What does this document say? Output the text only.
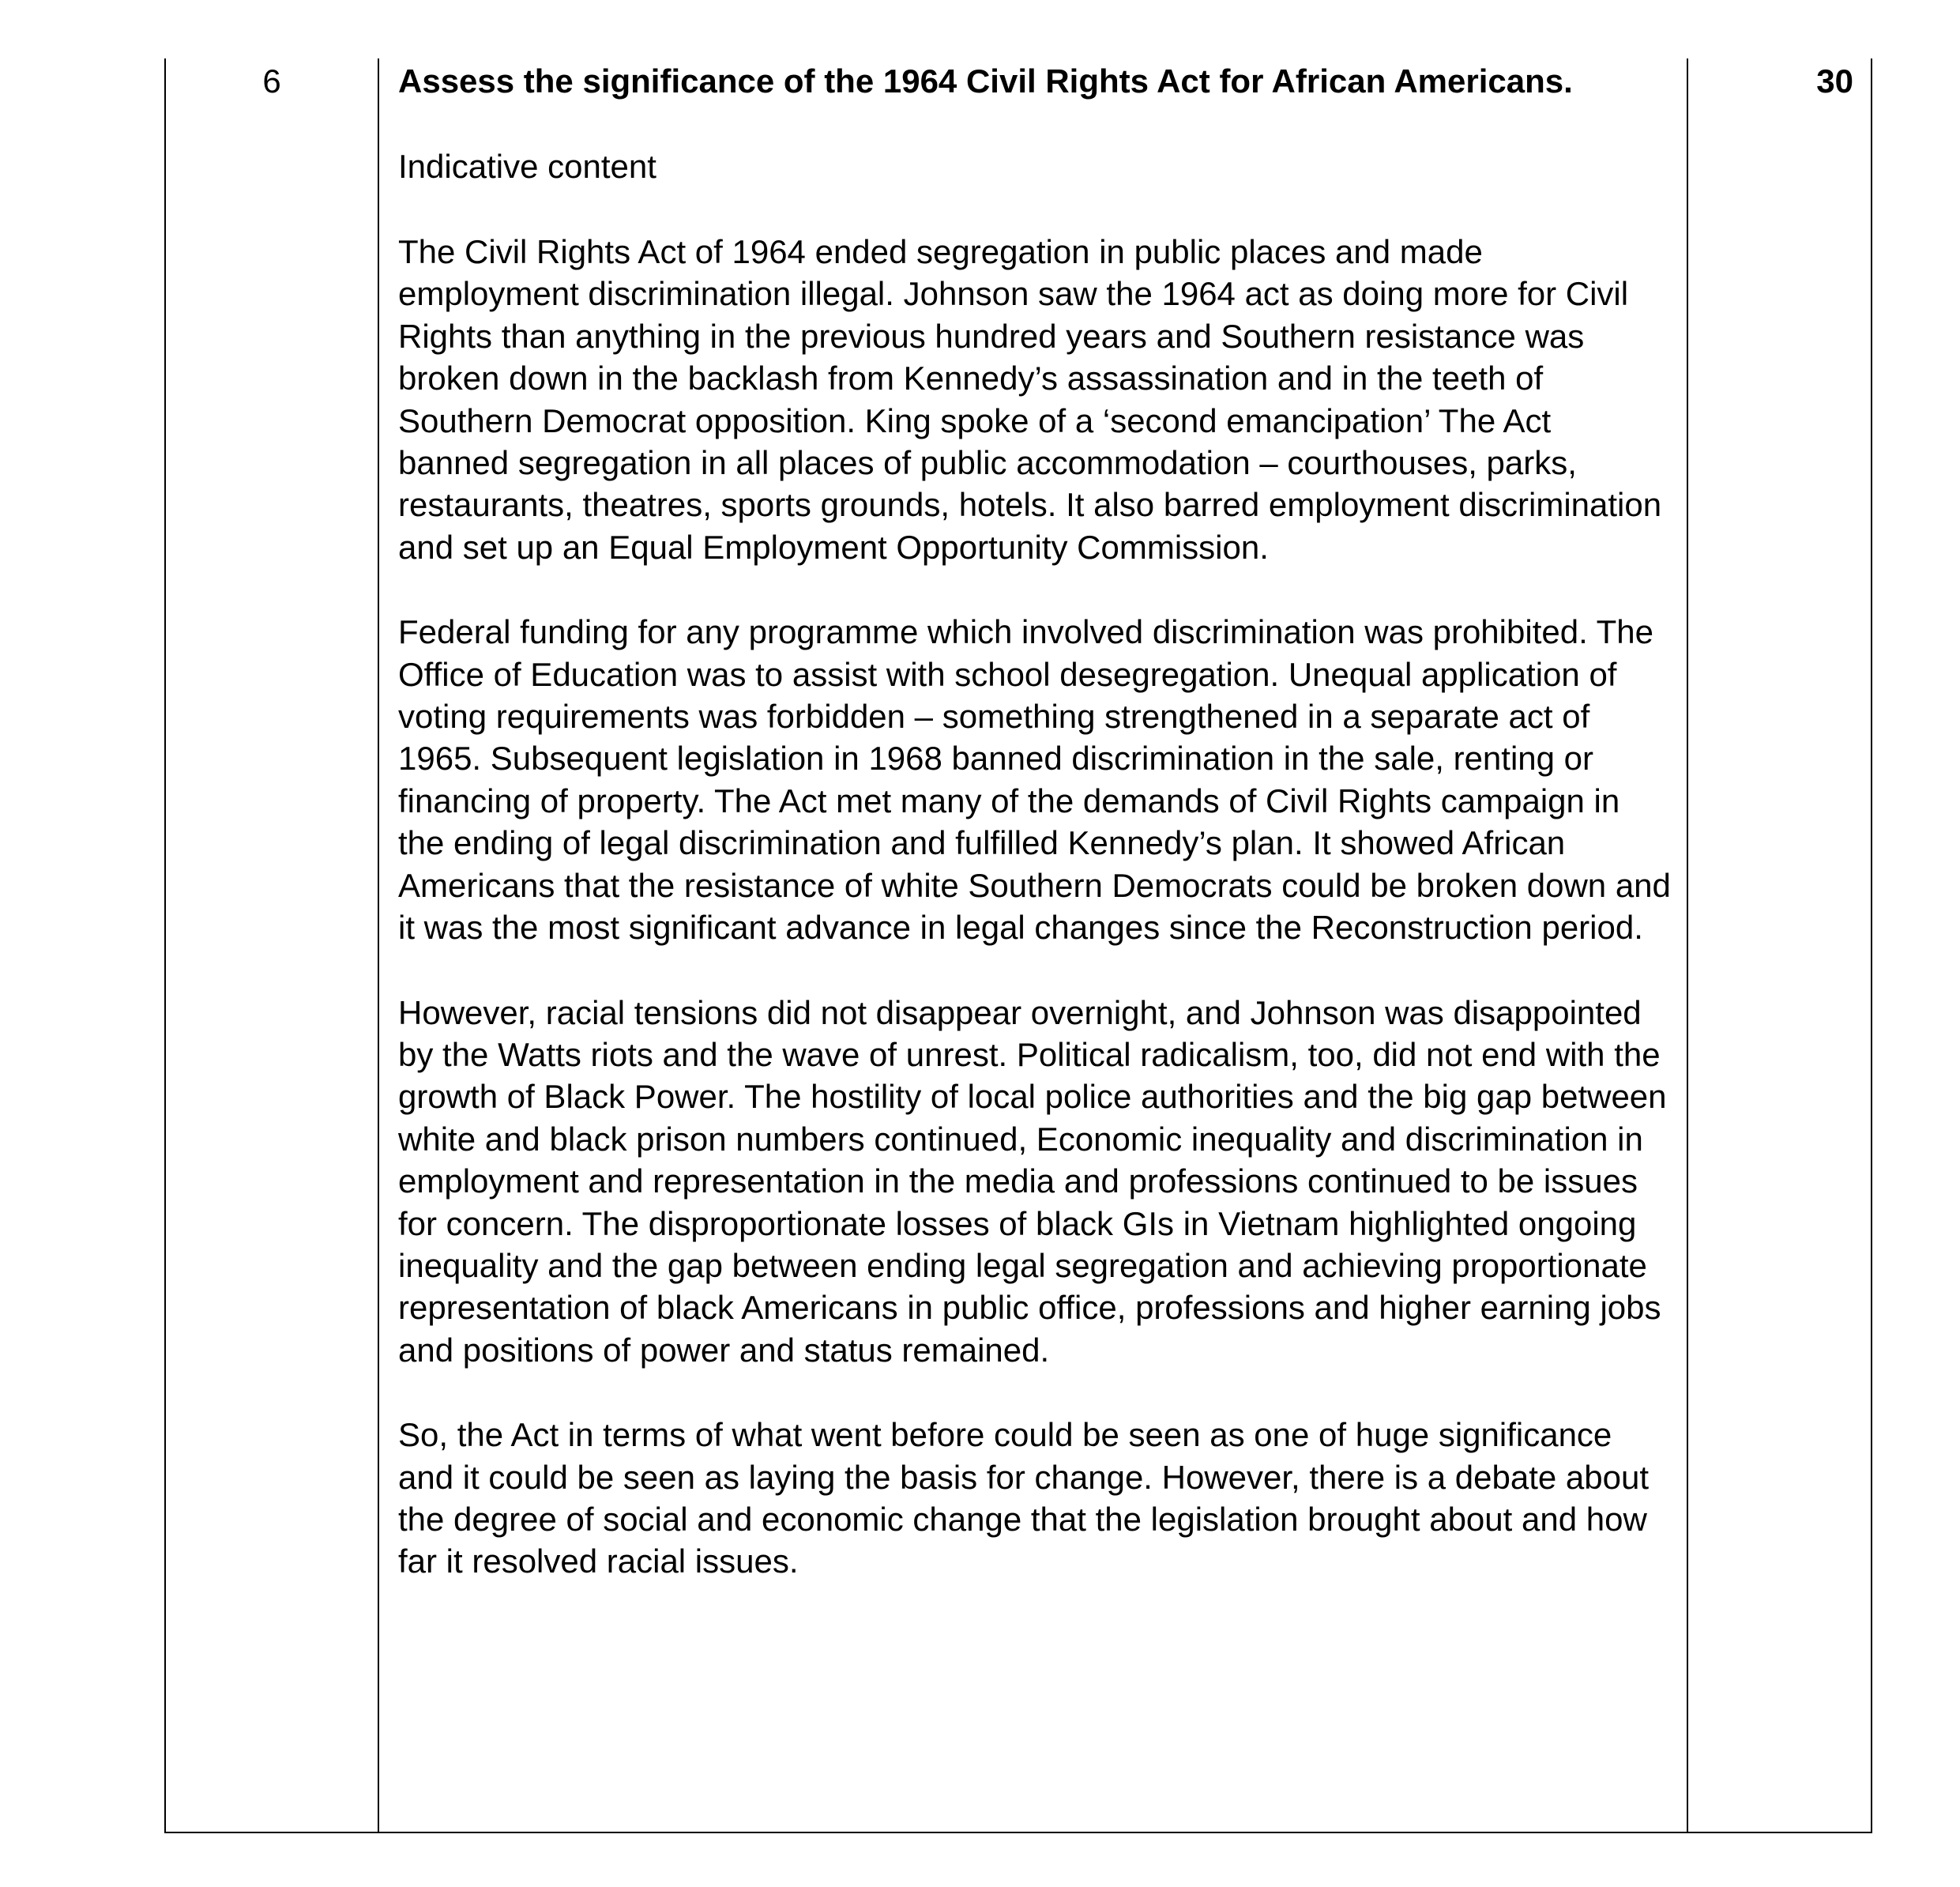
6	Assess the significance of the 1964 Civil Rights Act for African Americans.

Indicative content

The Civil Rights Act of 1964 ended segregation in public places and made employment discrimination illegal. Johnson saw the 1964 act as doing more for Civil Rights than anything in the previous hundred years and Southern resistance was broken down in the backlash from Kennedy’s assassination and in the teeth of Southern Democrat opposition. King spoke of a ‘second emancipation’ The Act banned segregation in all places of public accommodation – courthouses, parks, restaurants, theatres, sports grounds, hotels. It also barred employment discrimination and set up an Equal Employment Opportunity Commission.

Federal funding for any programme which involved discrimination was prohibited. The Office of Education was to assist with school desegregation. Unequal application of voting requirements was forbidden – something strengthened in a separate act of 1965. Subsequent legislation in 1968 banned discrimination in the sale, renting or financing of property. The Act met many of the demands of Civil Rights campaign in the ending of legal discrimination and fulfilled Kennedy’s plan. It showed African Americans that the resistance of white Southern Democrats could be broken down and it was the most significant advance in legal changes since the Reconstruction period.

However, racial tensions did not disappear overnight, and Johnson was disappointed by the Watts riots and the wave of unrest. Political radicalism, too, did not end with the growth of Black Power. The hostility of local police authorities and the big gap between white and black prison numbers continued, Economic inequality and discrimination in employment and representation in the media and professions continued to be issues for concern. The disproportionate losses of black GIs in Vietnam highlighted ongoing inequality and the gap between ending legal segregation and achieving proportionate representation of black Americans in public office, professions and higher earning jobs and positions of power and status remained.

So, the Act in terms of what went before could be seen as one of huge significance and it could be seen as laying the basis for change. However, there is a debate about the degree of social and economic change that the legislation brought about and how far it resolved racial issues.

	30
